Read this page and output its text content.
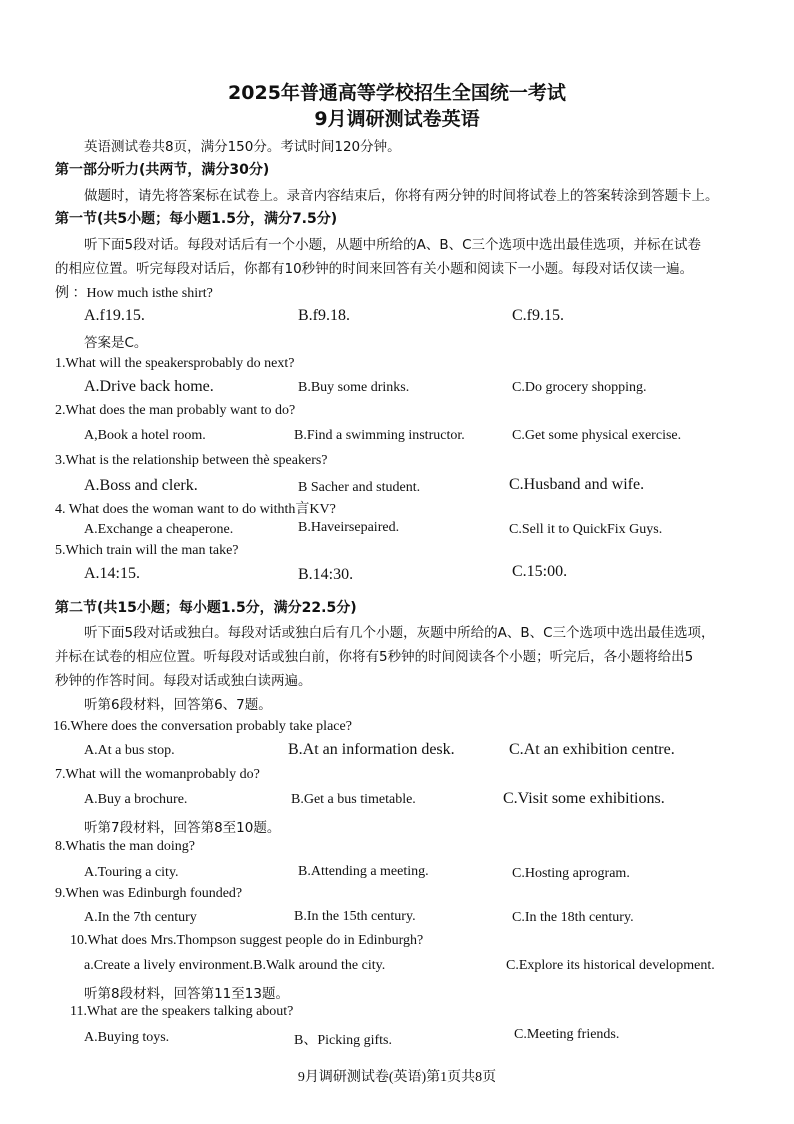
2025年普通高等学校招生全国统一考试
9月调研测试卷英语
英语测试卷共8页，满分150分。考试时间120分钟。
第一部分听力(共两节，满分30分)
做题时，请先将答案标在试卷上。录音内容结束后，你将有两分钟的时间将试卷上的答案转涂到答题卡上。
第一节(共5小题；每小题1.5分，满分7.5分)
听下面5段对话。每段对话后有一个小题，从题中所给的A、B、C三个选项中选出最佳选项，并标在试卷
的相应位置。听完每段对话后，你都有10秒钟的时间来回答有关小题和阅读下一小题。每段对话仅读一遍。
例 ：How much isthe shirt?
A.f19.15.	B.f9.18.	C.f9.15.
答案是C。
1.What will the speakersprobably do next?
A.Drive back home.	B.Buy some drinks.	C.Do grocery shopping.
2.What does the man probably want to do?
A,Book a hotel room.	B.Find a swimming instructor.	C.Get some physical exercise.
3.What is the relationship between thè speakers?
A.Boss and clerk.	B Sacher and student.	C.Husband and wife.
4. What does the woman want to do withth言KV?
A.Exchange a cheaperone.	B.Haveirsepaired.	C.Sell it to QuickFix Guys.
5.Which train will the man take?
A.14:15.	B.14:30.	C.15:00.
第二节(共15小题；每小题1.5分，满分22.5分)
听下面5段对话或独白。每段对话或独白后有几个小题，灰题中所给的A、B、C三个选项中选出最佳选项，
并标在试卷的相应位置。听每段对话或独白前，你将有5秒钟的时间阅读各个小题；听完后，各小题将给出5
秒钟的作答时间。每段对话或独白读两遍。
听第6段材料，回答第6、7题。
16.Where does the conversation probably take place?
A.At a bus stop.	B.At an information desk.	C.At an exhibition centre.
7.What will the womanprobably do?
A.Buy a brochure.	B.Get a bus timetable.	C.Visit some exhibitions.
听第7段材料，回答第8至10题。
8.Whatis the man doing?
A.Touring a city.	B.Attending a meeting.	C.Hosting aprogram.
9.When was Edinburgh founded?
A.In the 7th century	B.In the 15th century.	C.In the 18th century.
10.What does Mrs.Thompson suggest people do in Edinburgh?
a.Create a lively environment.B.Walk around the city.	C.Explore its historical development.
听第8段材料，回答第11至13题。
11.What are the speakers talking about?
A.Buying toys.	B、Picking gifts.	C.Meeting friends.
9月调研测试卷(英语)第1页共8页
